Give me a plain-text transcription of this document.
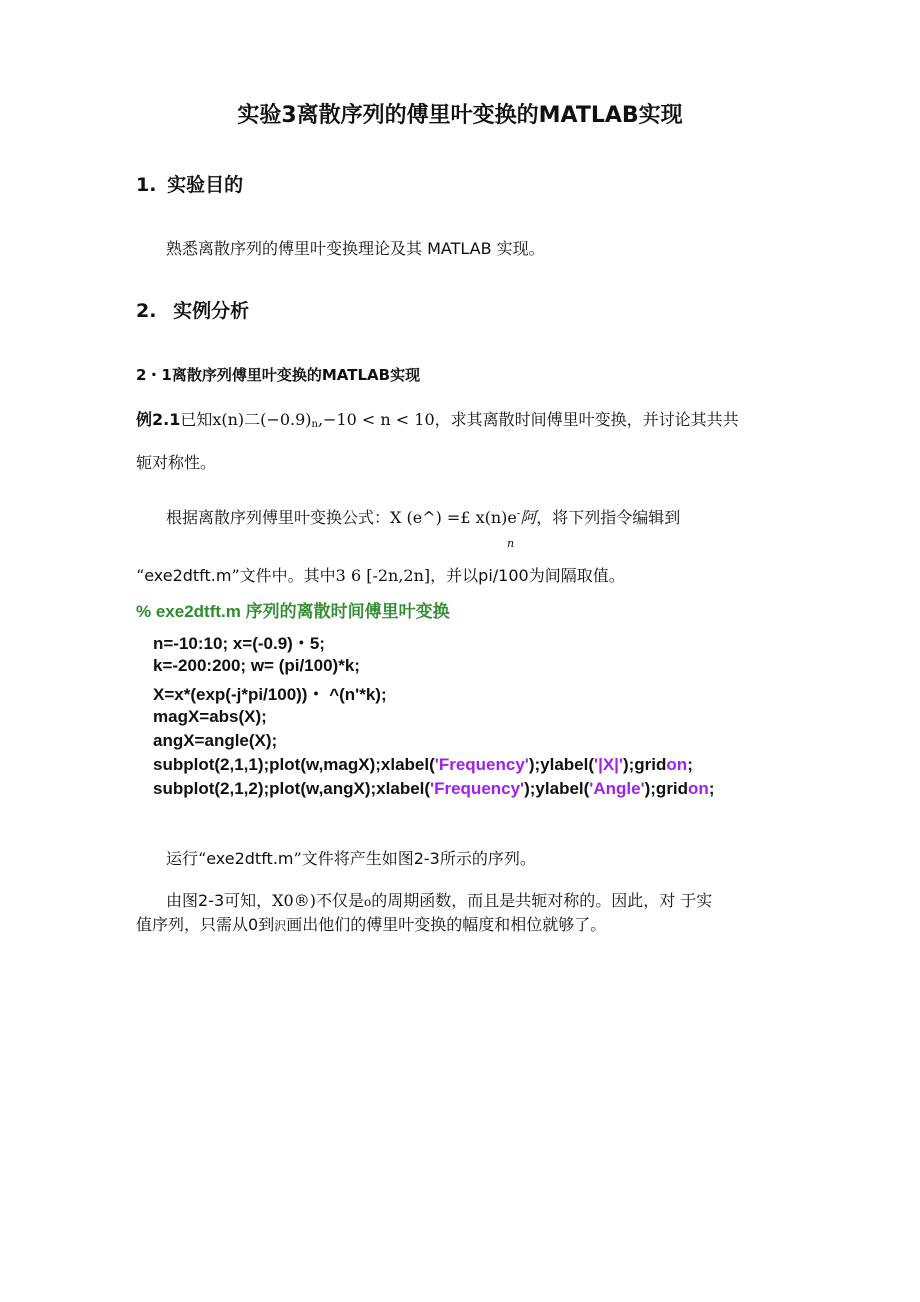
实验3离散序列的傅里叶变换的MATLAB实现
1. 实验目的
熟悉离散序列的傅里叶变换理论及其 MATLAB 实现。
2. 实例分析
2・1离散序列傅里叶变换的MATLAB实现
例2.1已知x(n)二$(-0.9)_n,-10 < n < 10$，求其离散时间傅里叶变换，并讨论其共共
轭对称性。
根据离散序列傅里叶变换公式：X (e^) =£ x(n)e-阿，将下列指令编辑到
n
“exe2dtft.m”文件中。其中3 6 [-2n,2n]，并以pi/100为间隔取值。
% exe2dtft.m 序列的离散时间傅里叶变换
n=-10:10; x=(-0.9)・5;
k=-200:200; w= (pi/100)*k;
X=x*(exp(-j*pi/100))・ ^(n'*k);
magX=abs(X);
angX=angle(X);
subplot(2,1,1);plot(w,magX);xlabel('Frequency');ylabel('|X|');gridon;
subplot(2,1,2);plot(w,angX);xlabel('Frequency');ylabel('Angle');gridon;
运行“exe2dtft.m”文件将产生如图2-3所示的序列。
由图2-3可知，X0®)不仅是o的周期函数，而且是共轭对称的。因此，对 于实
值序列，只需从0到沢画出他们的傅里叶变换的幅度和相位就够了。
